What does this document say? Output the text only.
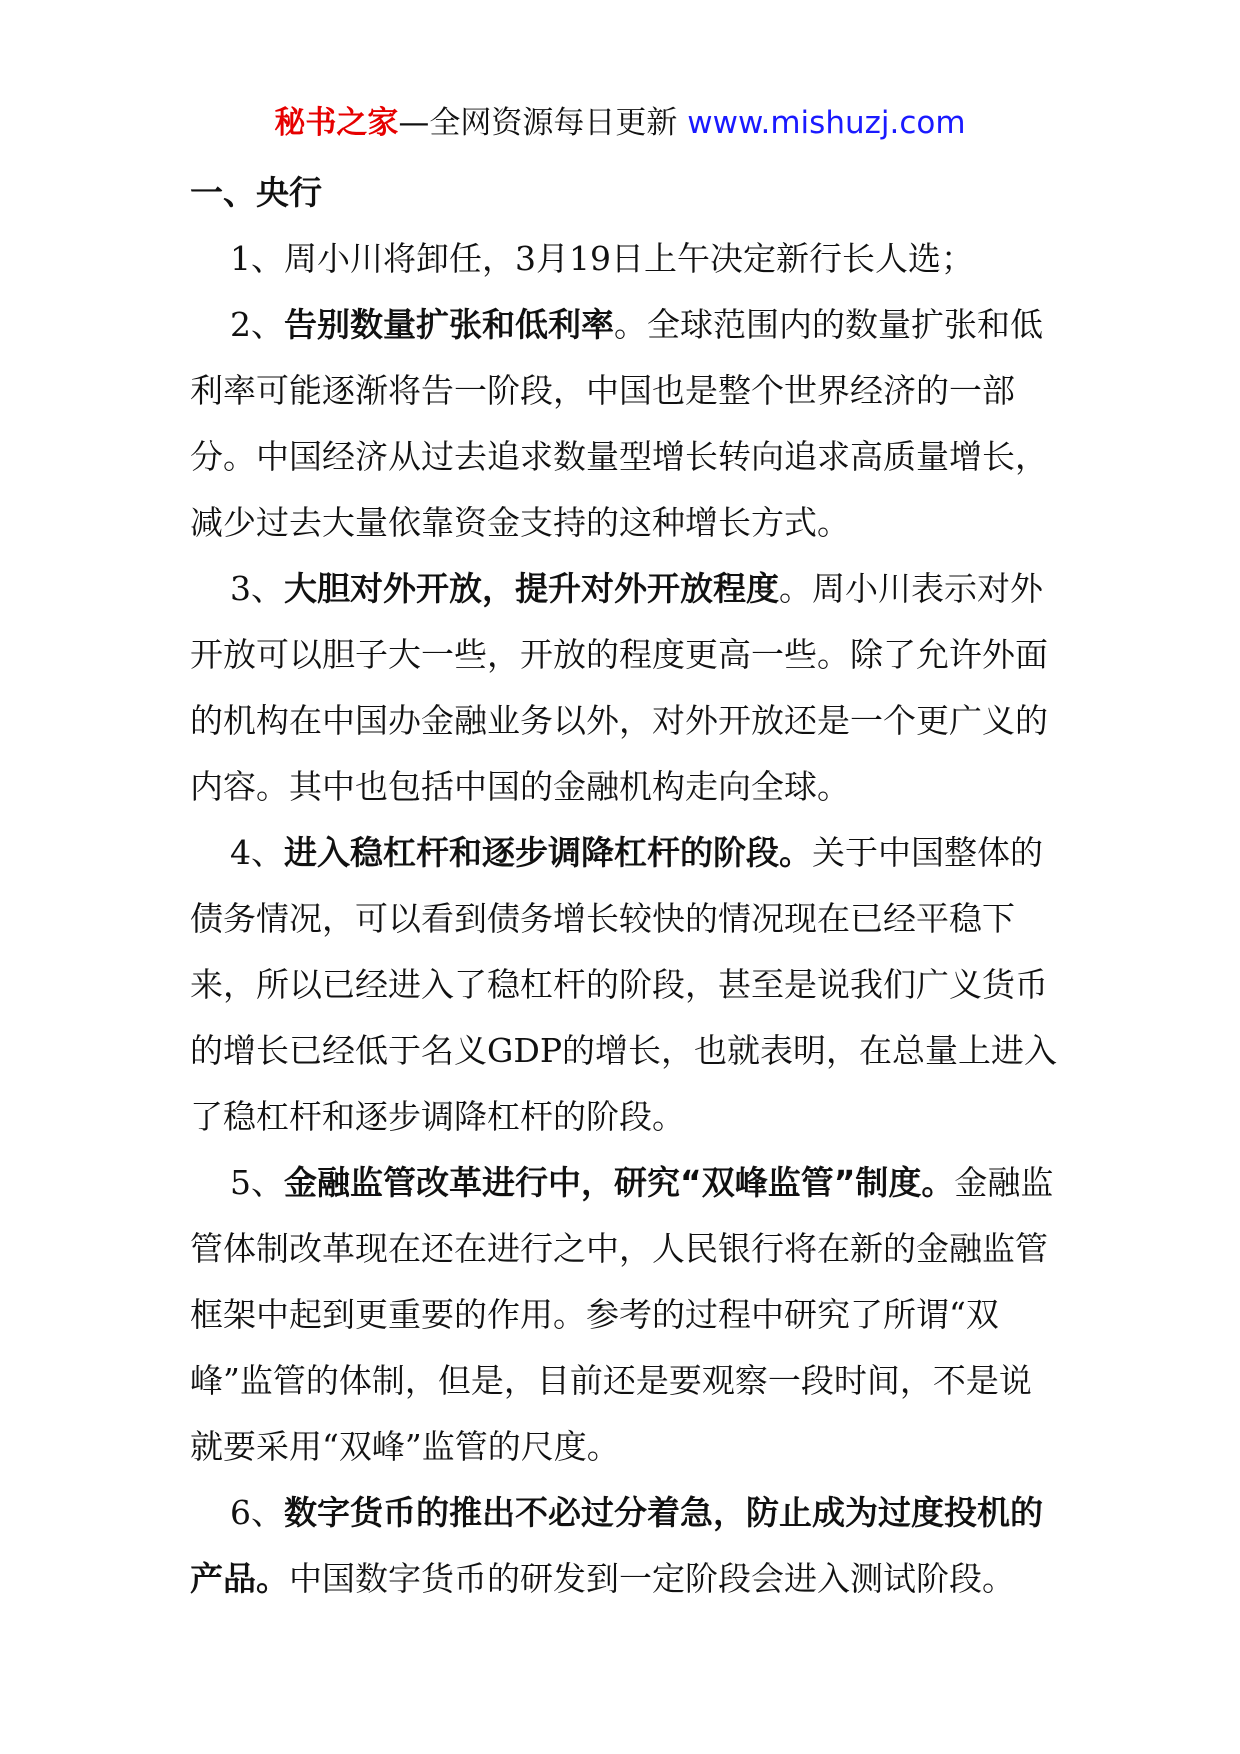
秘书之家—全网资源每日更新 www.mishuzj.com

一、央行

1、周小川将卸任，3月19日上午决定新行长人选；

2、告别数量扩张和低利率。全球范围内的数量扩张和低利率可能逐渐将告一阶段，中国也是整个世界经济的一部分。中国经济从过去追求数量型增长转向追求高质量增长，减少过去大量依靠资金支持的这种增长方式。

3、大胆对外开放，提升对外开放程度。周小川表示对外开放可以胆子大一些，开放的程度更高一些。除了允许外面的机构在中国办金融业务以外，对外开放还是一个更广义的内容。其中也包括中国的金融机构走向全球。

4、进入稳杠杆和逐步调降杠杆的阶段。关于中国整体的债务情况，可以看到债务增长较快的情况现在已经平稳下来，所以已经进入了稳杠杆的阶段，甚至是说我们广义货币的增长已经低于名义GDP的增长，也就表明，在总量上进入了稳杠杆和逐步调降杠杆的阶段。

5、金融监管改革进行中，研究“双峰监管”制度。金融监管体制改革现在还在进行之中，人民银行将在新的金融监管框架中起到更重要的作用。参考的过程中研究了所谓“双峰”监管的体制，但是，目前还是要观察一段时间，不是说就要采用“双峰”监管的尺度。

6、数字货币的推出不必过分着急，防止成为过度投机的产品。中国数字货币的研发到一定阶段会进入测试阶段。
